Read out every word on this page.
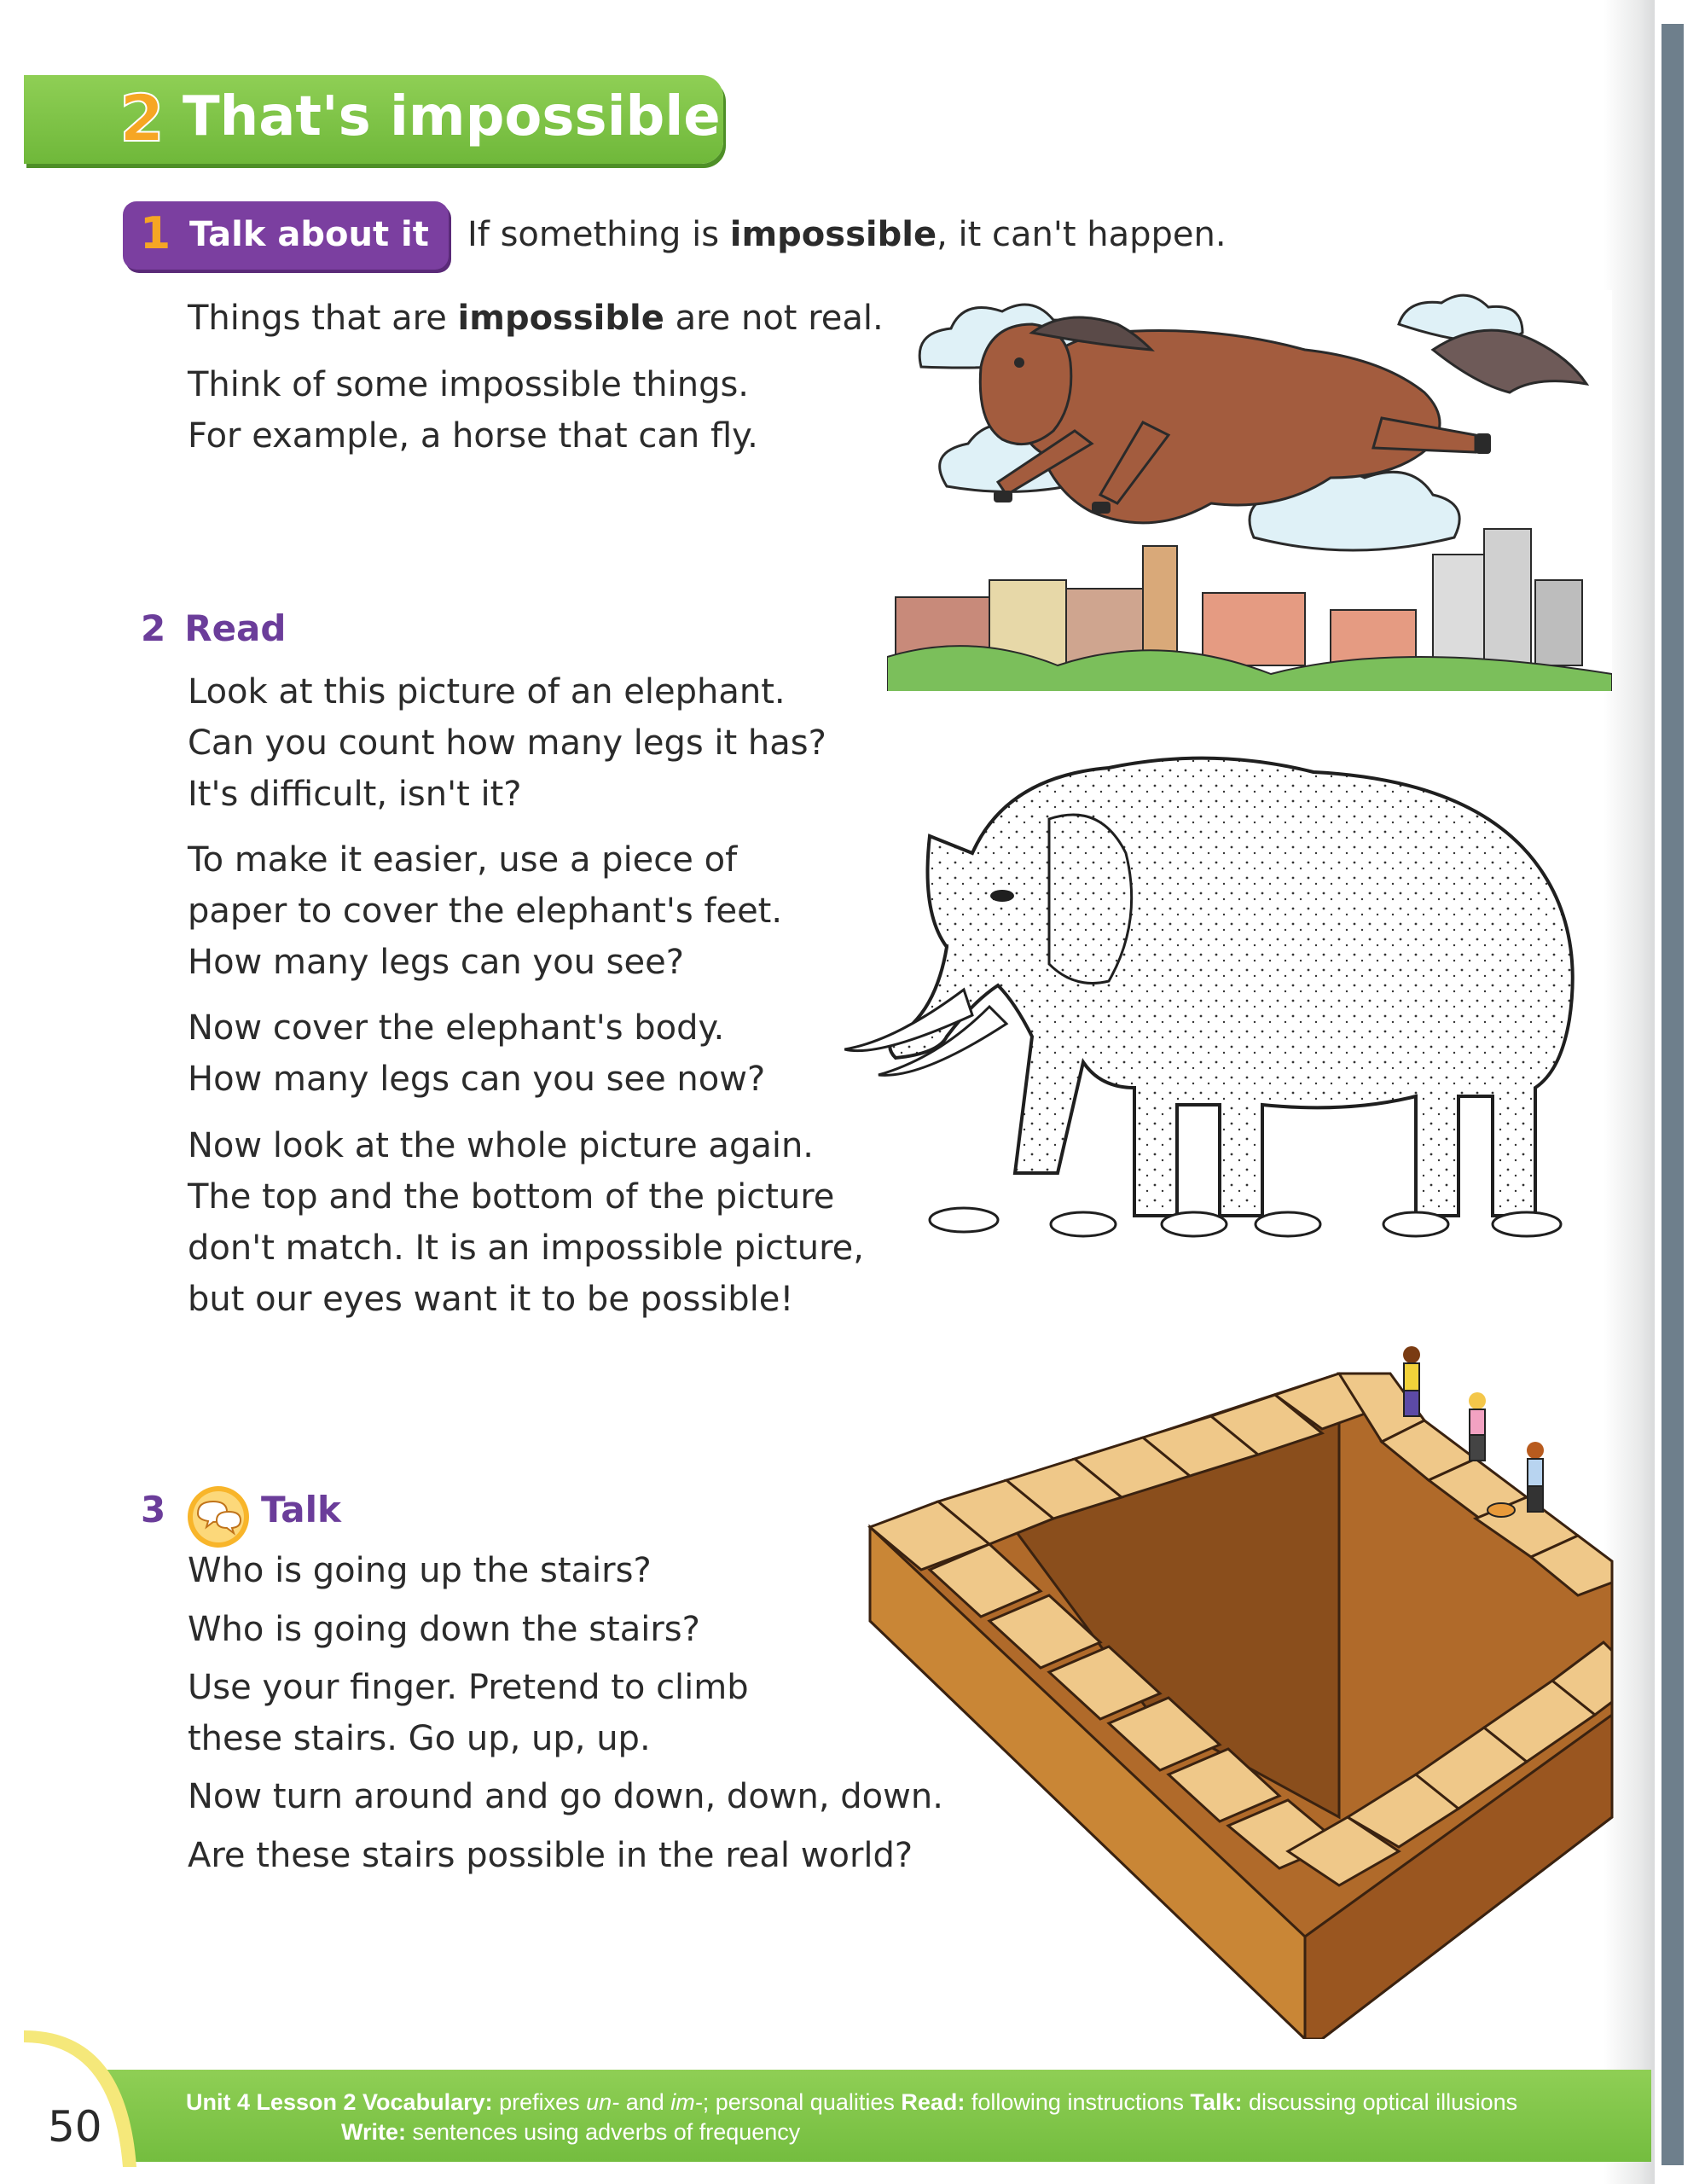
2 That's impossible!
1 Talk about it If something is impossible, it can't happen.
Things that are impossible are not real.
Think of some impossible things.
For example, a horse that can fly.
2 Read
Look at this picture of an elephant.
Can you count how many legs it has?
It's difficult, isn't it?
To make it easier, use a piece of
paper to cover the elephant's feet.
How many legs can you see?
Now cover the elephant's body.
How many legs can you see now?
Now look at the whole picture again.
The top and the bottom of the picture
don't match. It is an impossible picture,
but our eyes want it to be possible!
3	Talk
Who is going up the stairs?
Who is going down the stairs?
Use your finger. Pretend to climb
these stairs. Go up, up, up.
Now turn around and go down, down, down.
Are these stairs possible in the real world?
50	Unit 4 Lesson 2 Vocabulary: prefixes un- and im-; personal qualities Read: following instructions Talk: discussing optical illusions
Write: sentences using adverbs of frequency
